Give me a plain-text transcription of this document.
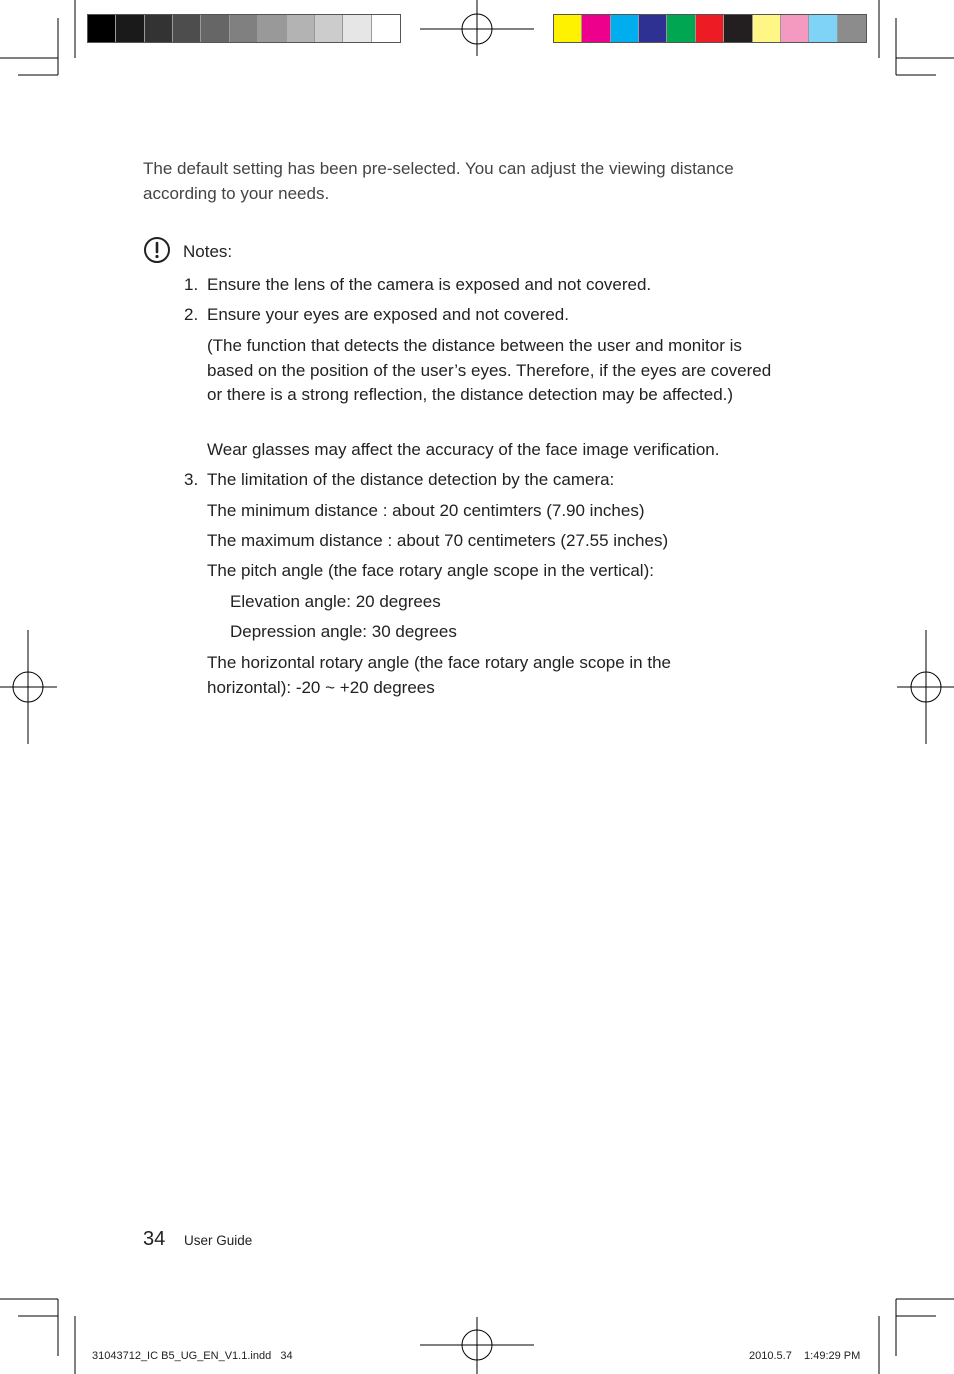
The default setting has been pre-selected. You can adjust the viewing distance according to your needs.

Notes:
1. Ensure the lens of the camera is exposed and not covered.
2. Ensure your eyes are exposed and not covered.

(The function that detects the distance between the user and monitor is based on the position of the user’s eyes. Therefore, if the eyes are covered or there is a strong reflection, the distance detection may be affected.)

Wear glasses may affect the accuracy of the face image verification.
3. The limitation of the distance detection by the camera:
The minimum distance : about 20 centimters (7.90 inches)
The maximum distance : about 70 centimeters (27.55 inches)
The pitch angle (the face rotary angle scope in the vertical):
Elevation angle: 20 degrees
Depression angle: 30 degrees

The horizontal rotary angle (the face rotary angle scope in the horizontal): -20 ~ +20 degrees

34 User Guide
31043712_IC B5_UG_EN_V1.1.indd   34	2010.5.7    1:49:29 PM
